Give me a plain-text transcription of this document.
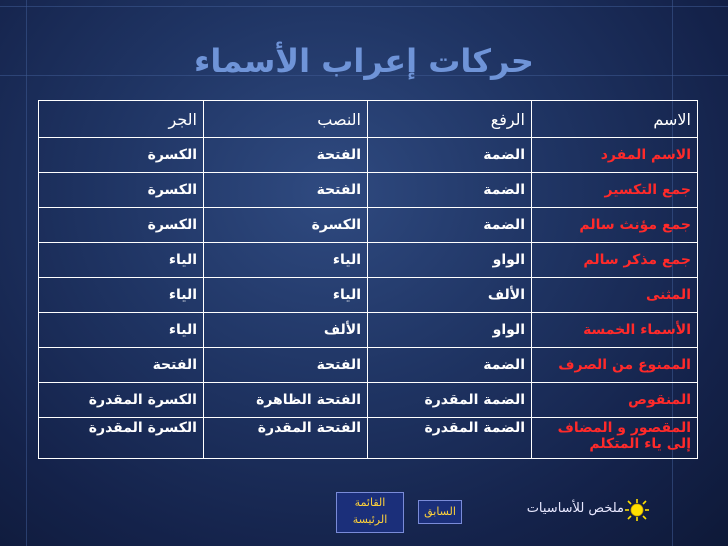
حركات إعراب الأسماء
الاسم	الرفع	النصب	الجر
الاسم المفرد	الضمة	الفتحة	الكسرة
جمع التكسير	الضمة	الفتحة	الكسرة
جمع مؤنث سالم	الضمة	الكسرة	الكسرة
جمع مذكر سالم	الواو	الياء	الياء
المثنى	الألف	الياء	الياء
الأسماء الخمسة	الواو	الألف	الياء
الممنوع من الصرف	الضمة	الفتحة	الفتحة
المنقوص	الضمة المقدرة	الفتحة الظاهرة	الكسرة المقدرة
المقصور و المضاف إلى ياء المتكلم	الضمة المقدرة	الفتحة المقدرة	الكسرة المقدرة
القائمة
الرئيسة
السابق	ملخص للأساسيات
